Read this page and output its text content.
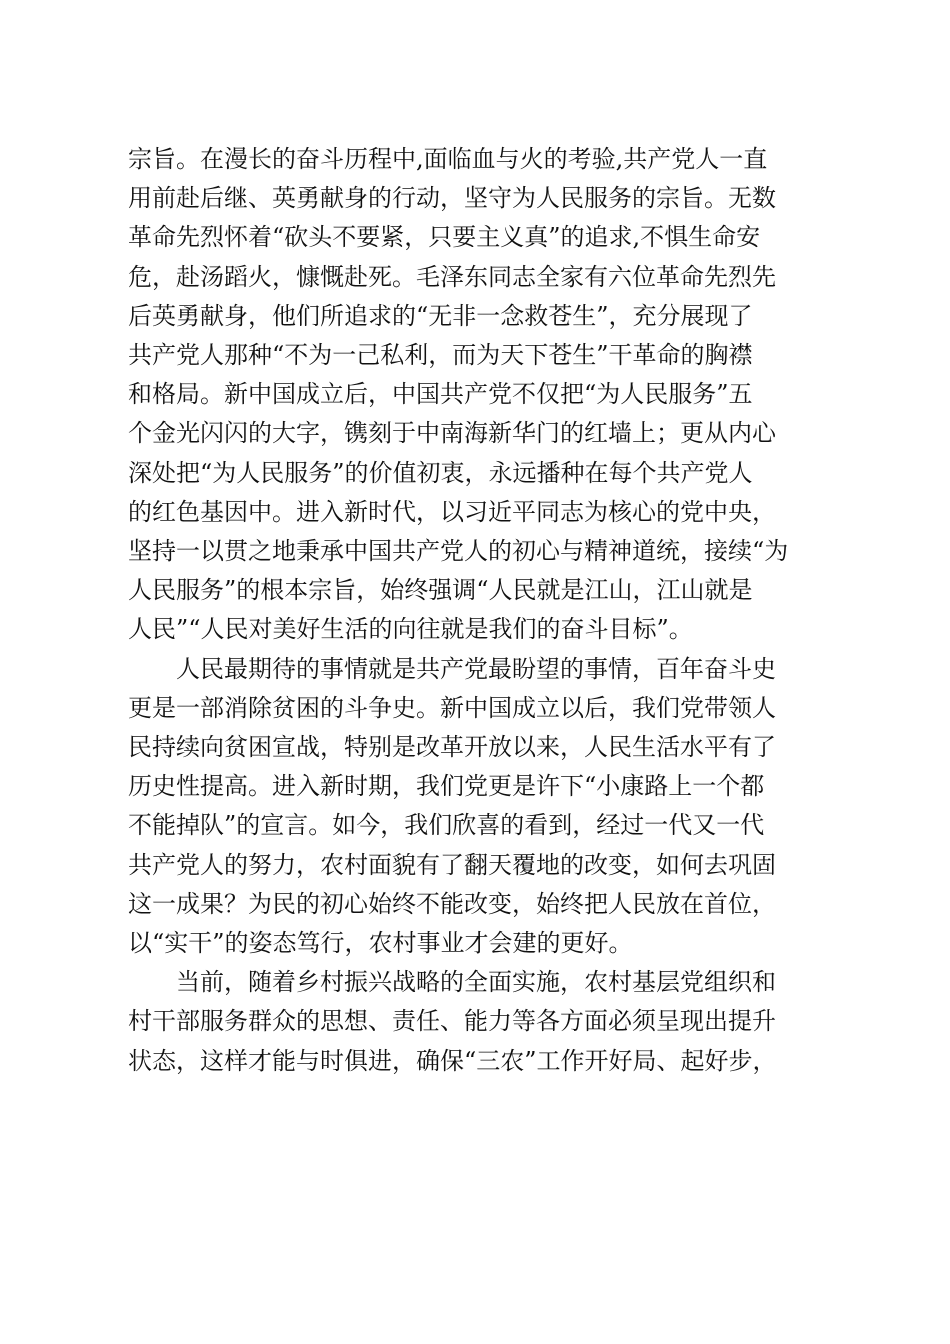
宗旨。在漫长的奋斗历程中,面临血与火的考验,共产党人一直
用前赴后继、英勇献身的行动，坚守为人民服务的宗旨。无数
革命先烈怀着“砍头不要紧，只要主义真”的追求,不惧生命安
危，赴汤蹈火，慷慨赴死。毛泽东同志全家有六位革命先烈先
后英勇献身，他们所追求的“无非一念救苍生”，充分展现了
共产党人那种“不为一己私利，而为天下苍生”干革命的胸襟
和格局。新中国成立后，中国共产党不仅把“为人民服务”五
个金光闪闪的大字，镌刻于中南海新华门的红墙上；更从内心
深处把“为人民服务”的价值初衷，永远播种在每个共产党人
的红色基因中。进入新时代，以习近平同志为核心的党中央，
坚持一以贯之地秉承中国共产党人的初心与精神道统，接续“为
人民服务”的根本宗旨，始终强调“人民就是江山，江山就是
人民”“人民对美好生活的向往就是我们的奋斗目标”。

　　人民最期待的事情就是共产党最盼望的事情，百年奋斗史
更是一部消除贫困的斗争史。新中国成立以后，我们党带领人
民持续向贫困宣战，特别是改革开放以来，人民生活水平有了
历史性提高。进入新时期，我们党更是许下“小康路上一个都
不能掉队”的宣言。如今，我们欣喜的看到，经过一代又一代
共产党人的努力，农村面貌有了翻天覆地的改变，如何去巩固
这一成果？为民的初心始终不能改变，始终把人民放在首位，
以“实干”的姿态笃行，农村事业才会建的更好。

　　当前，随着乡村振兴战略的全面实施，农村基层党组织和
村干部服务群众的思想、责任、能力等各方面必须呈现出提升
状态，这样才能与时俱进，确保“三农”工作开好局、起好步，
